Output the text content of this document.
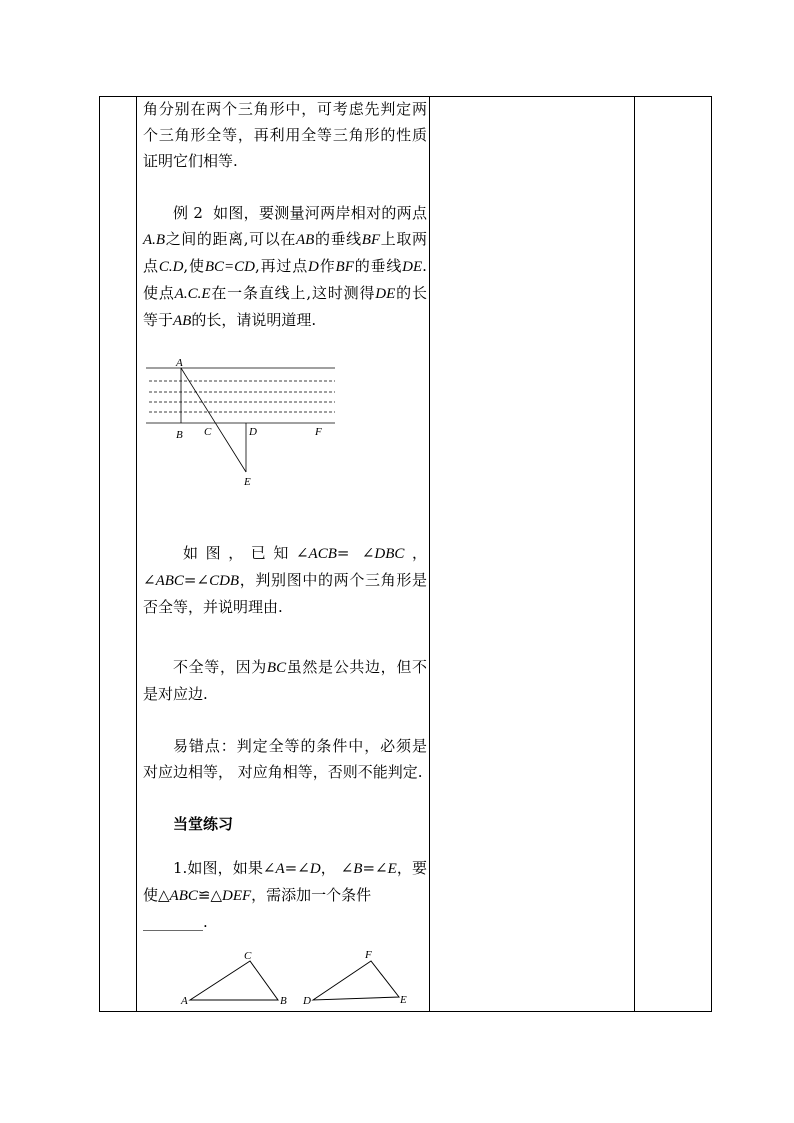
角分别在两个三角形中，可考虑先判定两个三角形全等，再利用全等三角形的性质证明它们相等.

例 2 如图，要测量河两岸相对的两点A.B之间的距离,可以在AB的垂线BF上取两点C.D,使BC=CD,再过点D作BF的垂线DE.使点A.C.E在一条直线上,这时测得DE的长等于AB的长，请说明道理.

A
B C	D	F
E

如图，已知∠ACB= ∠DBC，∠ABC=∠CDB，判别图中的两个三角形是否全等，并说明理由.

不全等，因为BC虽然是公共边，但不是对应边.

易错点：判定全等的条件中，必须是对应边相等， 对应角相等，否则不能判定.

当堂练习

1.如图，如果∠A=∠D， ∠B=∠E，要使△ABC≌△DEF，需添加一个条件
________.

A
C
B D
F
E
